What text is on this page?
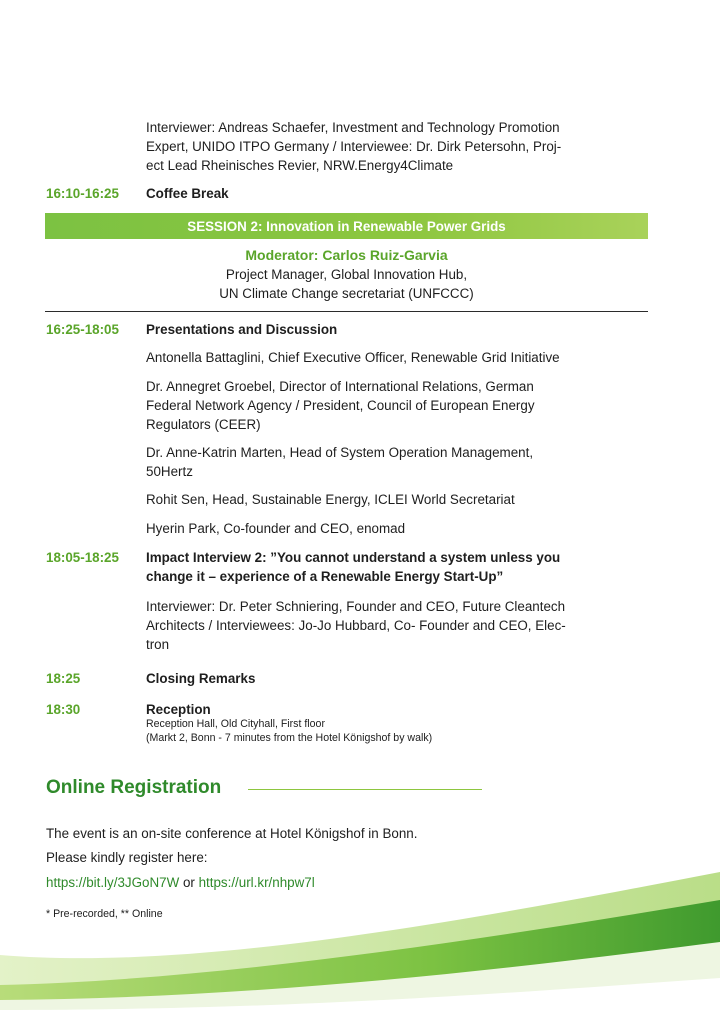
Interviewer: Andreas Schaefer, Investment and Technology Promotion
Expert, UNIDO ITPO Germany / Interviewee: Dr. Dirk Petersohn, Proj-
ect Lead Rheinisches Revier, NRW.Energy4Climate
16:10-16:25 Coffee Break
SESSION 2: Innovation in Renewable Power Grids
Moderator: Carlos Ruiz-Garvia
Project Manager, Global Innovation Hub,
UN Climate Change secretariat (UNFCCC)
16:25-18:05 Presentations and Discussion
Antonella Battaglini, Chief Executive Officer, Renewable Grid Initiative
Dr. Annegret Groebel, Director of International Relations, German
Federal Network Agency / President, Council of European Energy
Regulators (CEER)
Dr. Anne-Katrin Marten, Head of System Operation Management,
50Hertz
Rohit Sen, Head, Sustainable Energy, ICLEI World Secretariat
Hyerin Park, Co-founder and CEO, enomad
18:05-18:25 Impact Interview 2: ”You cannot understand a system unless you
change it – experience of a Renewable Energy Start-Up”
Interviewer: Dr. Peter Schniering, Founder and CEO, Future Cleantech
Architects / Interviewees: Jo-Jo Hubbard, Co- Founder and CEO, Elec-
tron
18:25	Closing Remarks
18:30	Reception
Reception Hall, Old Cityhall, First floor
(Markt 2, Bonn - 7 minutes from the Hotel Königshof by walk)
Online Registration
The event is an on-site conference at Hotel Königshof in Bonn.
Please kindly register here:
https://bit.ly/3JGoN7W or https://url.kr/nhpw7l
* Pre-recorded, ** Online
